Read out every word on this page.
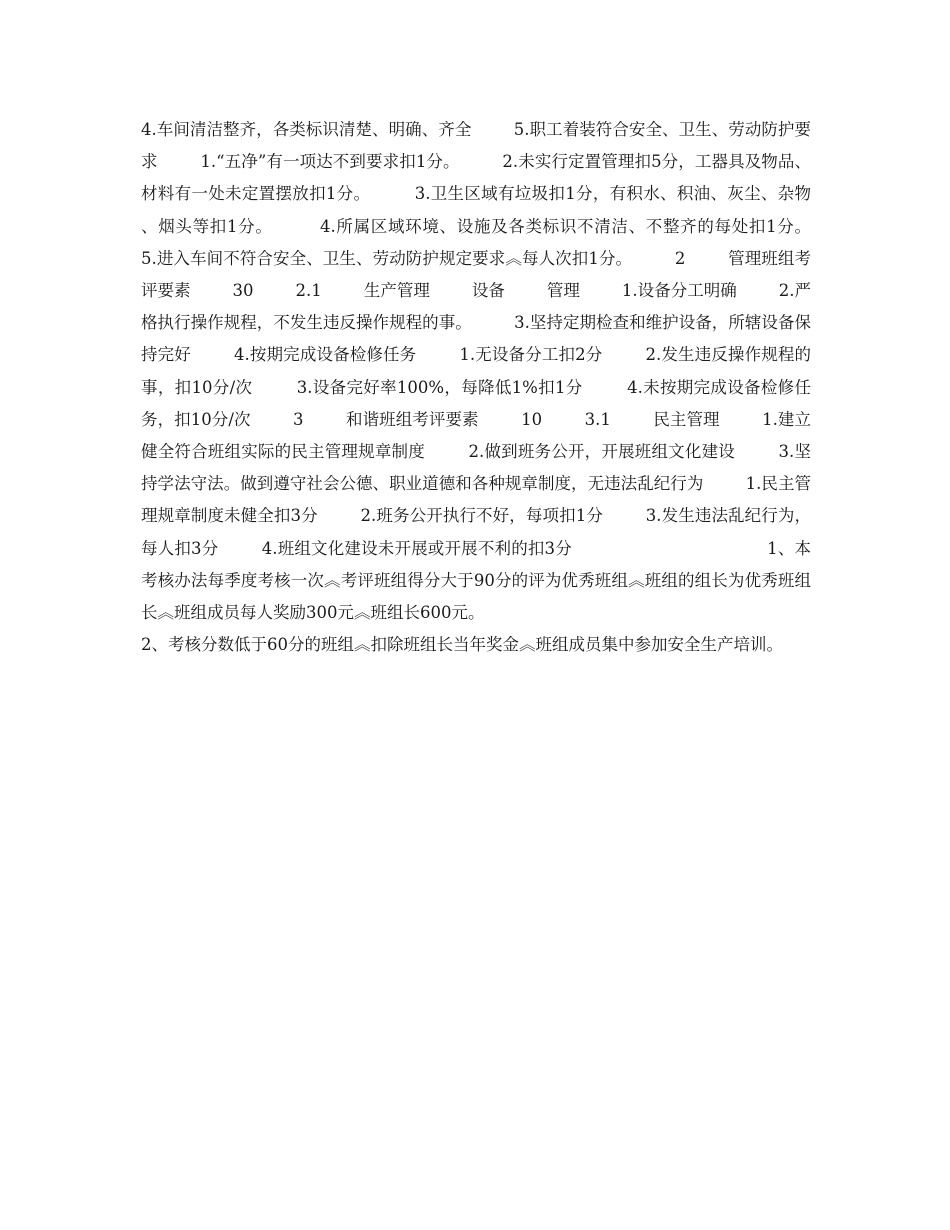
4.车间清洁整齐，各类标识清楚、明确、齐全        5.职工着装符合安全、卫生、劳动防护要求        1.“五净”有一项达不到要求扣1分。        2.未实行定置管理扣5分，工器具及物品、材料有一处未定置摆放扣1分。        3.卫生区域有垃圾扣1分，有积水、积油、灰尘、杂物、烟头等扣1分。        4.所属区域环境、设施及各类标识不清洁、不整齐的每处扣1分。        5.进入车间不符合安全、卫生、劳动防护规定要求︽每人次扣1分。        2        管理班组考评要素        30        2.1        生产管理        设备        管理        1.设备分工明确        2.严格执行操作规程，不发生违反操作规程的事。        3.坚持定期检查和维护设备，所辖设备保持完好        4.按期完成设备检修任务        1.无设备分工扣2分        2.发生违反操作规程的事，扣10分/次        3.设备完好率100%，每降低1%扣1分        4.未按期完成设备检修任务，扣10分/次        3        和谐班组考评要素        10        3.1        民主管理        1.建立健全符合班组实际的民主管理规章制度        2.做到班务公开，开展班组文化建设        3.坚持学法守法。做到遵守社会公德、职业道德和各种规章制度，无违法乱纪行为        1.民主管理规章制度未健全扣3分        2.班务公开执行不好，每项扣1分        3.发生违法乱纪行为，每人扣3分        4.班组文化建设未开展或开展不利的扣3分                                    1、本考核办法每季度考核一次︽考评班组得分大于90分的评为优秀班组︽班组的组长为优秀班组长︽班组成员每人奖励300元︽班组长600元。

2、考核分数低于60分的班组︽扣除班组长当年奖金︽班组成员集中参加安全生产培训。
